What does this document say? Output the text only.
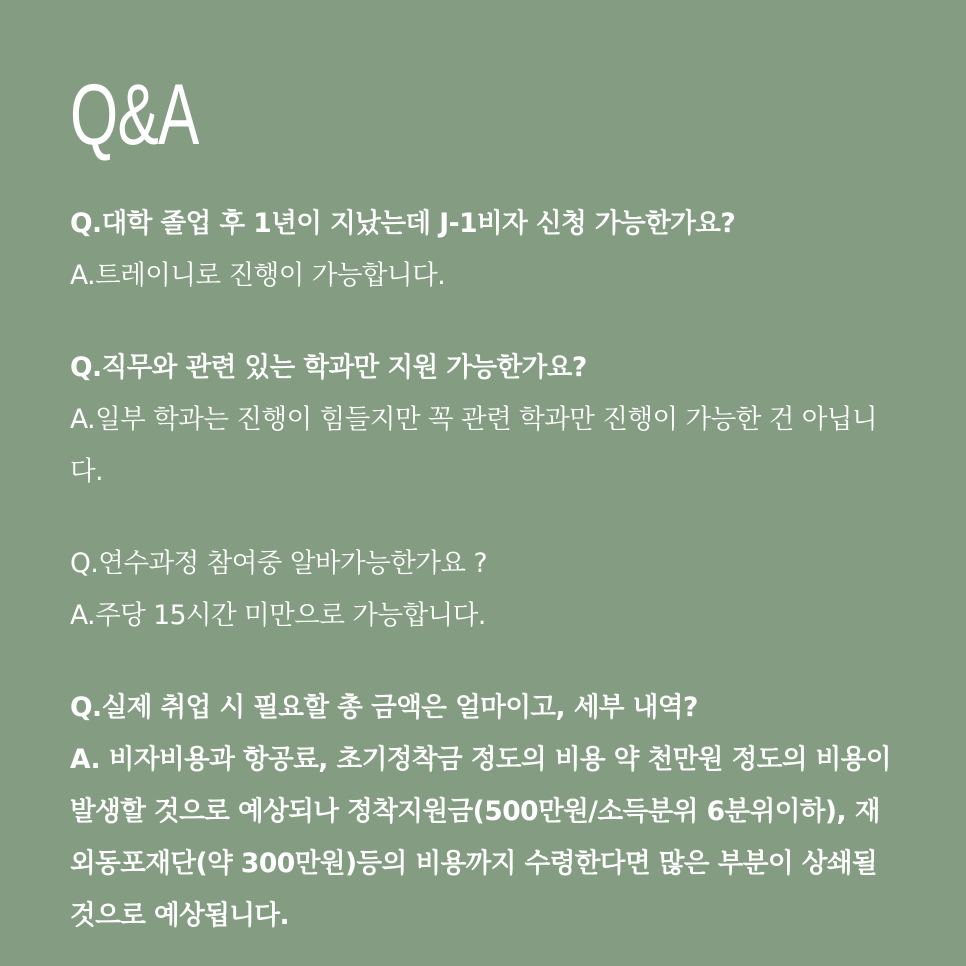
Q&A

Q.대학 졸업 후 1년이 지났는데 J-1비자 신청 가능한가요?

A.트레이니로 진행이 가능합니다.

Q.직무와 관련 있는 학과만 지원 가능한가요?

A.일부 학과는 진행이 힘들지만 꼭 관련 학과만 진행이 가능한 건 아닙니다.

Q.연수과정 참여중 알바가능한가요 ?

A.주당 15시간 미만으로 가능합니다.

Q.실제 취업 시 필요할 총 금액은 얼마이고, 세부 내역?

A. 비자비용과 항공료, 초기정착금 정도의 비용 약 천만원 정도의 비용이 발생할 것으로 예상되나 정착지원금(500만원/소득분위 6분위이하), 재외동포재단(약 300만원)등의 비용까지 수령한다면 많은 부분이 상쇄될 것으로 예상됩니다.
